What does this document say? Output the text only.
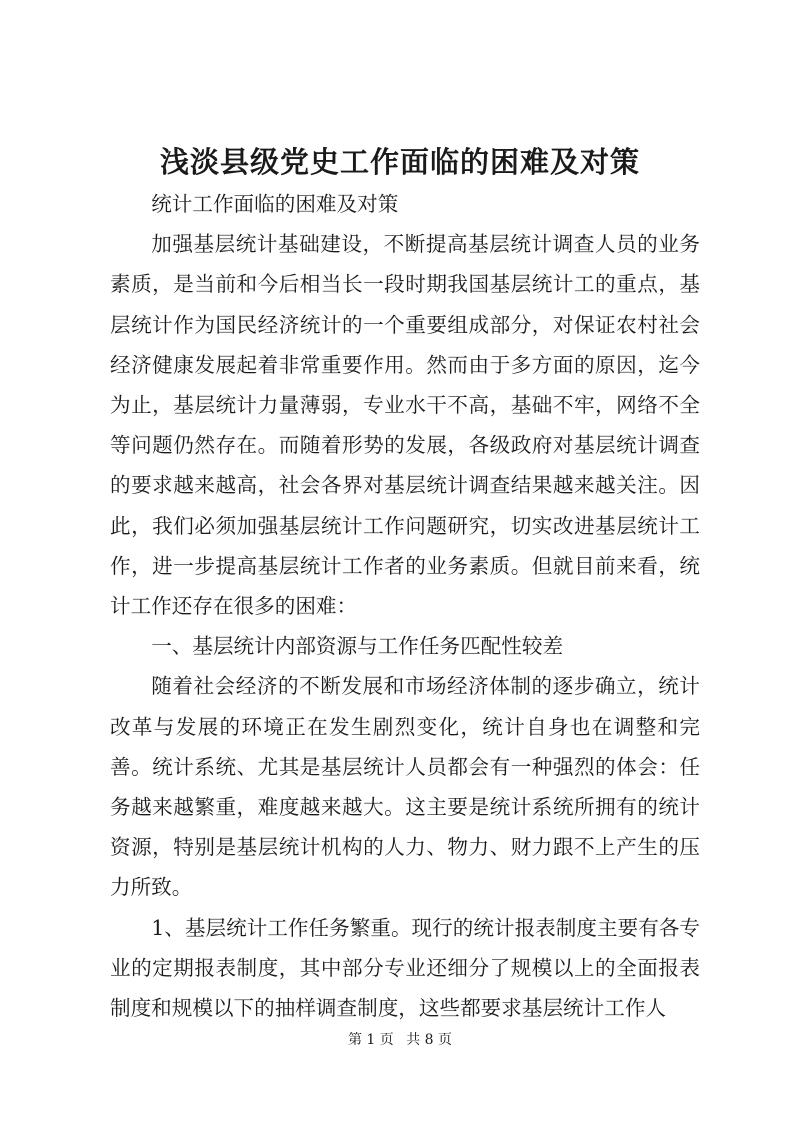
浅淡县级党史工作面临的困难及对策

统计工作面临的困难及对策

加强基层统计基础建设，不断提高基层统计调查人员的业务素质，是当前和今后相当长一段时期我国基层统计工的重点，基层统计作为国民经济统计的一个重要组成部分，对保证农村社会经济健康发展起着非常重要作用。然而由于多方面的原因，迄今为止，基层统计力量薄弱，专业水干不高，基础不牢，网络不全等问题仍然存在。而随着形势的发展，各级政府对基层统计调查的要求越来越高，社会各界对基层统计调查结果越来越关注。因此，我们必须加强基层统计工作问题研究，切实改进基层统计工作，进一步提高基层统计工作者的业务素质。但就目前来看，统计工作还存在很多的困难：

一、基层统计内部资源与工作任务匹配性较差

随着社会经济的不断发展和市场经济体制的逐步确立，统计改革与发展的环境正在发生剧烈变化，统计自身也在调整和完善。统计系统、尤其是基层统计人员都会有一种强烈的体会：任务越来越繁重，难度越来越大。这主要是统计系统所拥有的统计资源，特别是基层统计机构的人力、物力、财力跟不上产生的压力所致。

1、基层统计工作任务繁重。现行的统计报表制度主要有各专业的定期报表制度，其中部分专业还细分了规模以上的全面报表制度和规模以下的抽样调查制度，这些都要求基层统计工作人

第 1 页 共 8 页
